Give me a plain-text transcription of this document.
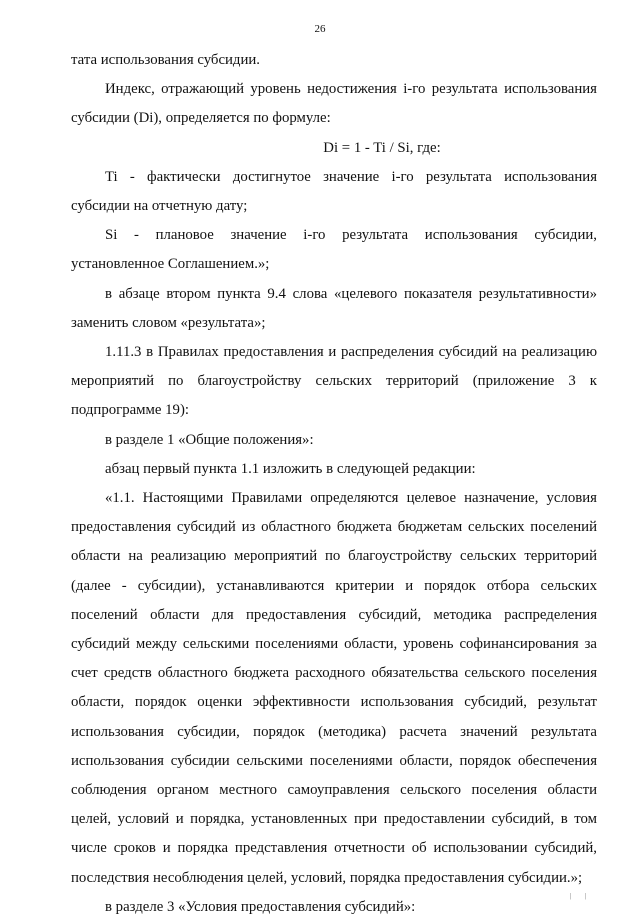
26

тата использования субсидии.

Индекс, отражающий уровень недостижения i-го результата использования субсидии (Di), определяется по формуле:

Di = 1 - Ti / Si, где:

Ti - фактически достигнутое значение i-го результата использования субсидии на отчетную дату;

Si - плановое значение i-го результата использования субсидии, установленное Соглашением.»;

в абзаце втором пункта 9.4 слова «целевого показателя результативности» заменить словом «результата»;

1.11.3 в Правилах предоставления и распределения субсидий на реализацию мероприятий по благоустройству сельских территорий (приложение 3 к подпрограмме 19):

в разделе 1 «Общие положения»:

абзац первый пункта 1.1 изложить в следующей редакции:

«1.1. Настоящими Правилами определяются целевое назначение, условия предоставления субсидий из областного бюджета бюджетам сельских поселений области на реализацию мероприятий по благоустройству сельских территорий (далее - субсидии), устанавливаются критерии и порядок отбора сельских поселений области для предоставления субсидий, методика распределения субсидий между сельскими поселениями области, уровень софинансирования за счет средств областного бюджета расходного обязательства сельского поселения области, порядок оценки эффективности использования субсидий, результат использования субсидии, порядок (методика) расчета значений результата использования субсидии сельскими поселениями области, порядок обеспечения соблюдения органом местного самоуправления сельского поселения области целей, условий и порядка, установленных при предоставлении субсидий, в том числе сроков и порядка представления отчетности об использовании субсидий, последствия несоблюдения целей, условий, порядка предоставления субсидии.»;

в разделе 3 «Условия предоставления субсидий»:

| |
